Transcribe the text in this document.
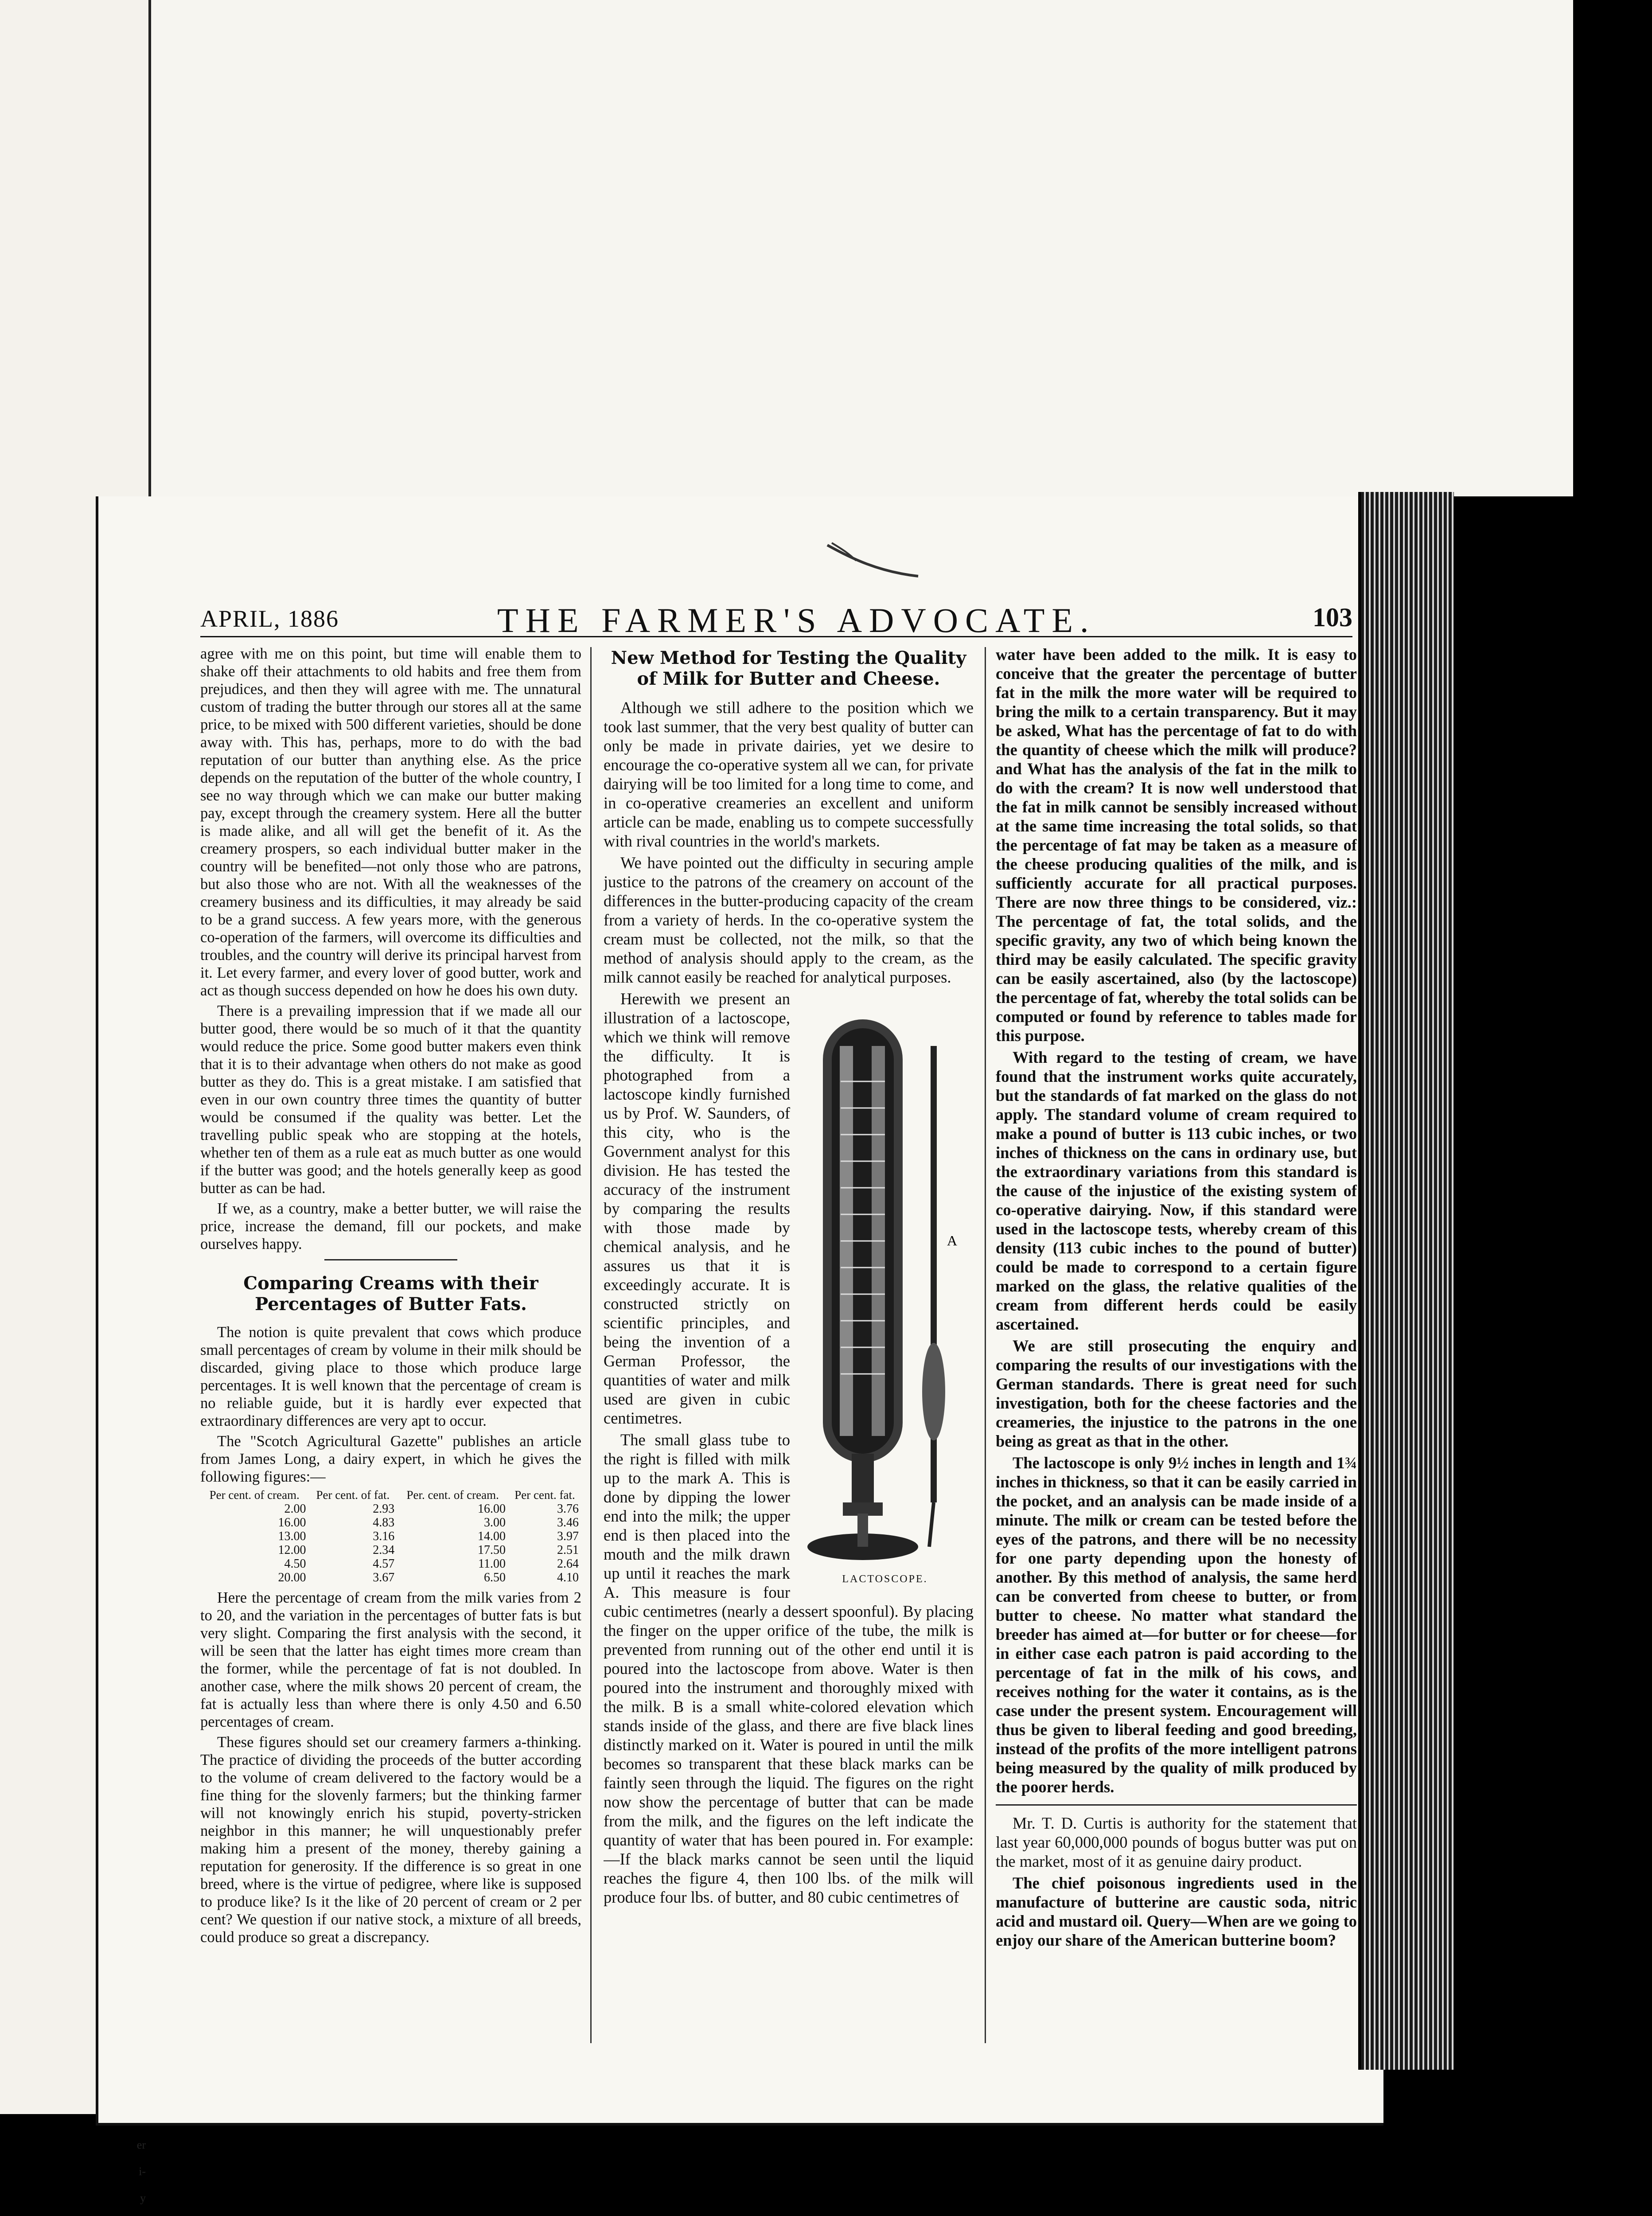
er
i-
y

APRIL, 1886	THE FARMER'S ADVOCATE.	103

agree with me on this point, but time will enable them to shake off their attachments to old habits and free them from prejudices, and then they will agree with me. The unnatural custom of trading the butter through our stores all at the same price, to be mixed with 500 different varieties, should be done away with. This has, perhaps, more to do with the bad reputation of our butter than anything else. As the price depends on the reputation of the butter of the whole country, I see no way through which we can make our butter making pay, except through the creamery system. Here all the butter is made alike, and all will get the benefit of it. As the creamery prospers, so each individual butter maker in the country will be benefited—not only those who are patrons, but also those who are not. With all the weaknesses of the creamery business and its difficulties, it may already be said to be a grand success. A few years more, with the generous co-operation of the farmers, will overcome its difficulties and troubles, and the country will derive its principal harvest from it. Let every farmer, and every lover of good butter, work and act as though success depended on how he does his own duty.

There is a prevailing impression that if we made all our butter good, there would be so much of it that the quantity would reduce the price. Some good butter makers even think that it is to their advantage when others do not make as good butter as they do. This is a great mistake. I am satisfied that even in our own country three times the quantity of butter would be consumed if the quality was better. Let the travelling public speak who are stopping at the hotels, whether ten of them as a rule eat as much butter as one would if the butter was good; and the hotels generally keep as good butter as can be had.

If we, as a country, make a better butter, we will raise the price, increase the demand, fill our pockets, and make ourselves happy.

Comparing Creams with their Percentages of Butter Fats.

The notion is quite prevalent that cows which produce small percentages of cream by volume in their milk should be discarded, giving place to those which produce large percentages. It is well known that the percentage of cream is no reliable guide, but it is hardly ever expected that extraordinary differences are very apt to occur.

The "Scotch Agricultural Gazette" publishes an article from James Long, a dairy expert, in which he gives the following figures:—

Per cent. of cream.	Per cent. of fat.	Per. cent. of cream.	Per cent. fat.
2.00	2.93	16.00	3.76
16.00	4.83	3.00	3.46
13.00	3.16	14.00	3.97
12.00	2.34	17.50	2.51
4.50	4.57	11.00	2.64
20.00	3.67	6.50	4.10

Here the percentage of cream from the milk varies from 2 to 20, and the variation in the percentages of butter fats is but very slight. Comparing the first analysis with the second, it will be seen that the latter has eight times more cream than the former, while the percentage of fat is not doubled. In another case, where the milk shows 20 percent of cream, the fat is actually less than where there is only 4.50 and 6.50 percentages of cream.

These figures should set our creamery farmers a-thinking. The practice of dividing the proceeds of the butter according to the volume of cream delivered to the factory would be a fine thing for the slovenly farmers; but the thinking farmer will not knowingly enrich his stupid, poverty-stricken neighbor in this manner; he will unquestionably prefer making him a present of the money, thereby gaining a reputation for generosity. If the difference is so great in one breed, where is the virtue of pedigree, where like is supposed to produce like? Is it the like of 20 percent of cream or 2 per cent? We question if our native stock, a mixture of all breeds, could produce so great a discrepancy.

New Method for Testing the Quality of Milk for Butter and Cheese.

Although we still adhere to the position which we took last summer, that the very best quality of butter can only be made in private dairies, yet we desire to encourage the co-operative system all we can, for private dairying will be too limited for a long time to come, and in co-operative creameries an excellent and uniform article can be made, enabling us to compete successfully with rival countries in the world's markets.

We have pointed out the difficulty in securing ample justice to the patrons of the creamery on account of the differences in the butter-producing capacity of the cream from a variety of herds. In the co-operative system the cream must be collected, not the milk, so that the method of analysis should apply to the cream, as the milk cannot easily be reached for analytical purposes.

A
LACTOSCOPE.

Herewith we present an illustration of a lactoscope, which we think will remove the difficulty. It is photographed from a lactoscope kindly furnished us by Prof. W. Saunders, of this city, who is the Government analyst for this division. He has tested the accuracy of the instrument by comparing the results with those made by chemical analysis, and he assures us that it is exceedingly accurate. It is constructed strictly on scientific principles, and being the invention of a German Professor, the quantities of water and milk used are given in cubic centimetres.

The small glass tube to the right is filled with milk up to the mark A. This is done by dipping the lower end into the milk; the upper end is then placed into the mouth and the milk drawn up until it reaches the mark A. This measure is four cubic centimetres (nearly a dessert spoonful). By placing the finger on the upper orifice of the tube, the milk is prevented from running out of the other end until it is poured into the lactoscope from above. Water is then poured into the instrument and thoroughly mixed with the milk. B is a small white-colored elevation which stands inside of the glass, and there are five black lines distinctly marked on it. Water is poured in until the milk becomes so transparent that these black marks can be faintly seen through the liquid. The figures on the right now show the percentage of butter that can be made from the milk, and the figures on the left indicate the quantity of water that has been poured in. For example:—If the black marks cannot be seen until the liquid reaches the figure 4, then 100 lbs. of the milk will produce four lbs. of butter, and 80 cubic centimetres of

water have been added to the milk. It is easy to conceive that the greater the percentage of butter fat in the milk the more water will be required to bring the milk to a certain transparency. But it may be asked, What has the percentage of fat to do with the quantity of cheese which the milk will produce? and What has the analysis of the fat in the milk to do with the cream? It is now well understood that the fat in milk cannot be sensibly increased without at the same time increasing the total solids, so that the percentage of fat may be taken as a measure of the cheese producing qualities of the milk, and is sufficiently accurate for all practical purposes. There are now three things to be considered, viz.: The percentage of fat, the total solids, and the specific gravity, any two of which being known the third may be easily calculated. The specific gravity can be easily ascertained, also (by the lactoscope) the percentage of fat, whereby the total solids can be computed or found by reference to tables made for this purpose.

With regard to the testing of cream, we have found that the instrument works quite accurately, but the standards of fat marked on the glass do not apply. The standard volume of cream required to make a pound of butter is 113 cubic inches, or two inches of thickness on the cans in ordinary use, but the extraordinary variations from this standard is the cause of the injustice of the existing system of co-operative dairying. Now, if this standard were used in the lactoscope tests, whereby cream of this density (113 cubic inches to the pound of butter) could be made to correspond to a certain figure marked on the glass, the relative qualities of the cream from different herds could be easily ascertained.

We are still prosecuting the enquiry and comparing the results of our investigations with the German standards. There is great need for such investigation, both for the cheese factories and the creameries, the injustice to the patrons in the one being as great as that in the other.

The lactoscope is only 9½ inches in length and 1¾ inches in thickness, so that it can be easily carried in the pocket, and an analysis can be made inside of a minute. The milk or cream can be tested before the eyes of the patrons, and there will be no necessity for one party depending upon the honesty of another. By this method of analysis, the same herd can be converted from cheese to butter, or from butter to cheese. No matter what standard the breeder has aimed at—for butter or for cheese—for in either case each patron is paid according to the percentage of fat in the milk of his cows, and receives nothing for the water it contains, as is the case under the present system. Encouragement will thus be given to liberal feeding and good breeding, instead of the profits of the more intelligent patrons being measured by the quality of milk produced by the poorer herds.

Mr. T. D. Curtis is authority for the statement that last year 60,000,000 pounds of bogus butter was put on the market, most of it as genuine dairy product.

The chief poisonous ingredients used in the manufacture of butterine are caustic soda, nitric acid and mustard oil. Query—When are we going to enjoy our share of the American butterine boom?
